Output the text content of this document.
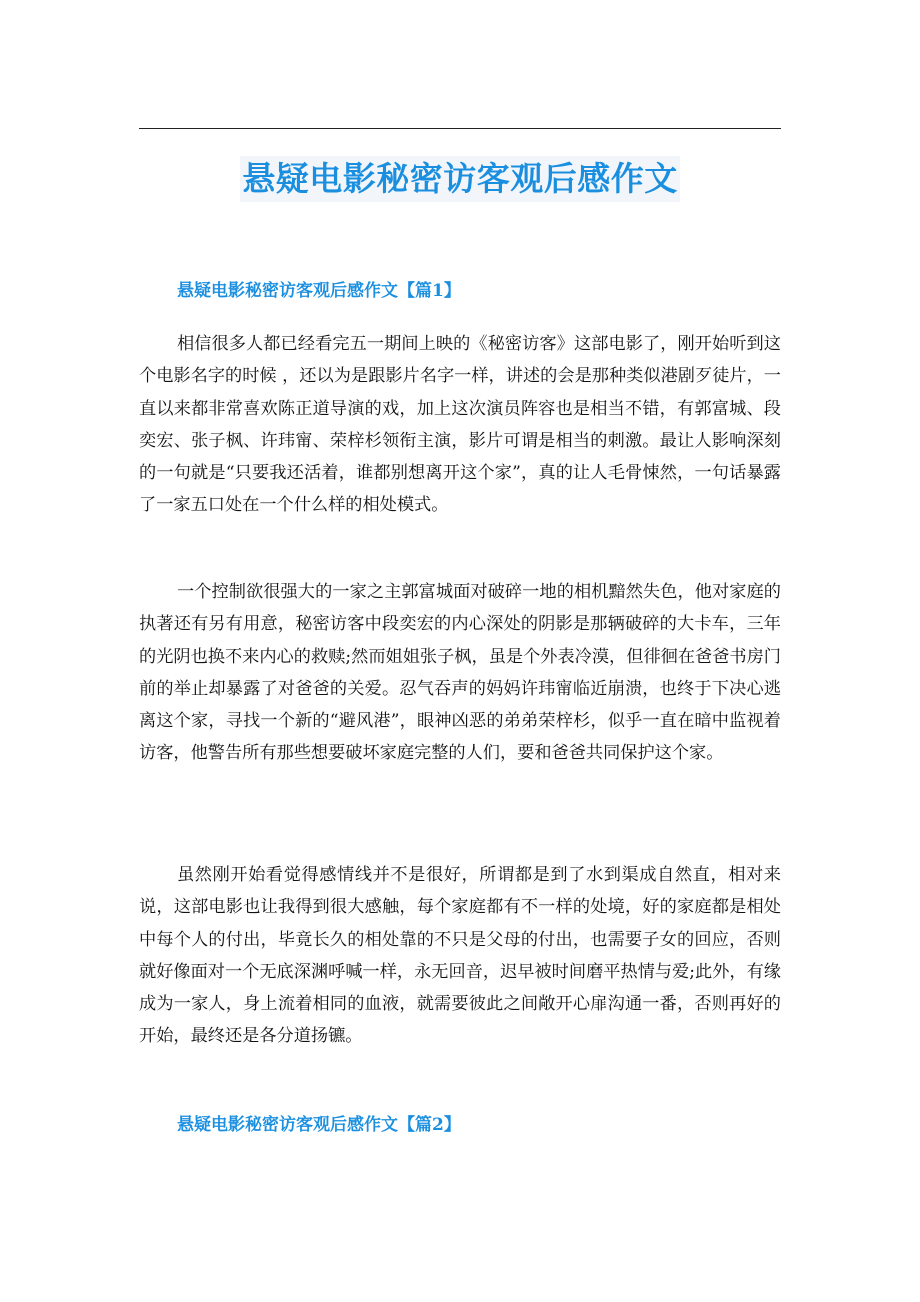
悬疑电影秘密访客观后感作文
悬疑电影秘密访客观后感作文【篇1】

相信很多人都已经看完五一期间上映的《秘密访客》这部电影了，刚开始听到这个电影名字的时候 ，还以为是跟影片名字一样，讲述的会是那种类似港剧歹徒片，一直以来都非常喜欢陈正道导演的戏，加上这次演员阵容也是相当不错，有郭富城、段奕宏、张子枫、许玮甯、荣梓杉领衔主演，影片可谓是相当的刺激。最让人影响深刻的一句就是“只要我还活着，谁都别想离开这个家”，真的让人毛骨悚然，一句话暴露了一家五口处在一个什么样的相处模式。

一个控制欲很强大的一家之主郭富城面对破碎一地的相机黯然失色，他对家庭的执著还有另有用意，秘密访客中段奕宏的内心深处的阴影是那辆破碎的大卡车，三年的光阴也换不来内心的救赎;然而姐姐张子枫，虽是个外表冷漠，但徘徊在爸爸书房门前的举止却暴露了对爸爸的关爱。忍气吞声的妈妈许玮甯临近崩溃，也终于下决心逃离这个家，寻找一个新的“避风港”，眼神凶恶的弟弟荣梓杉，似乎一直在暗中监视着访客，他警告所有那些想要破坏家庭完整的人们，要和爸爸共同保护这个家。

虽然刚开始看觉得感情线并不是很好，所谓都是到了水到渠成自然直，相对来说，这部电影也让我得到很大感触，每个家庭都有不一样的处境，好的家庭都是相处中每个人的付出，毕竟长久的相处靠的不只是父母的付出，也需要子女的回应，否则就好像面对一个无底深渊呼喊一样，永无回音，迟早被时间磨平热情与爱;此外，有缘成为一家人，身上流着相同的血液，就需要彼此之间敞开心扉沟通一番，否则再好的开始，最终还是各分道扬镳。

悬疑电影秘密访客观后感作文【篇2】
